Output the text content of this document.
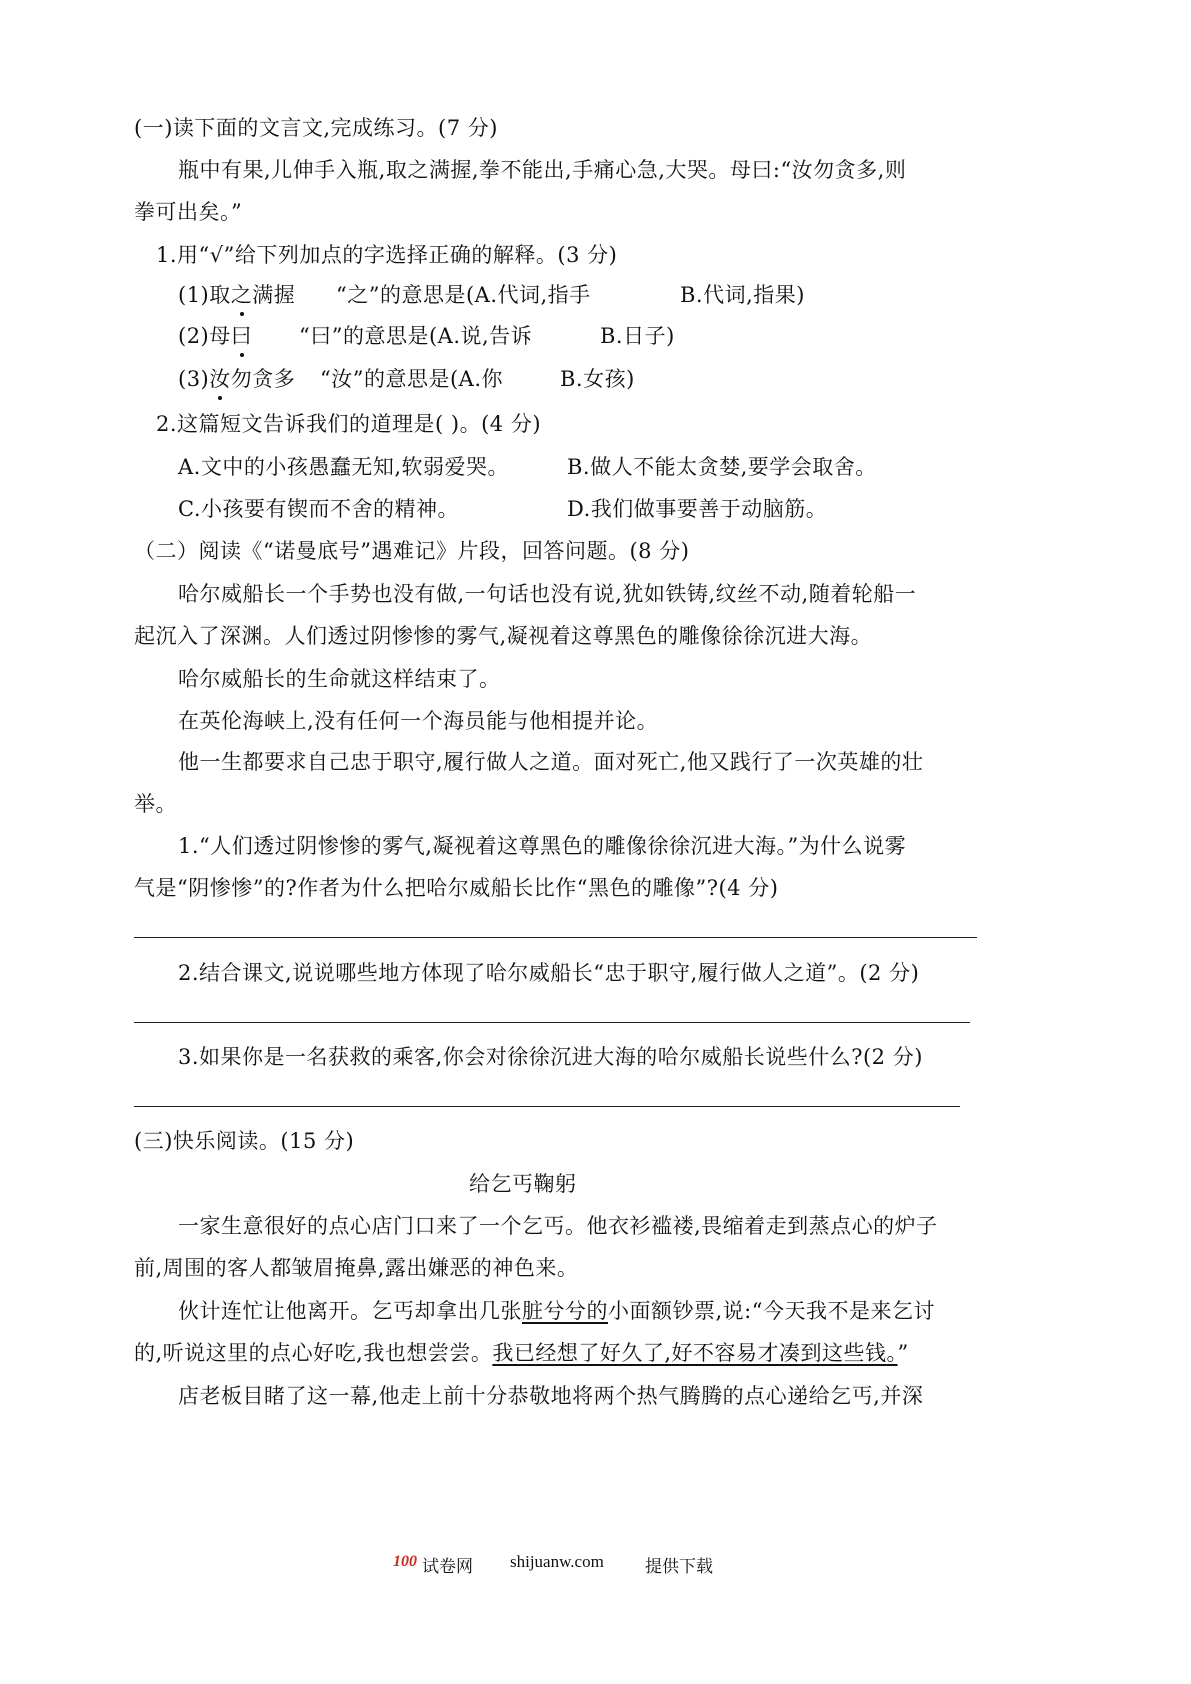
(一)读下面的文言文,完成练习。(7 分)
瓶中有果,儿伸手入瓶,取之满握,拳不能出,手痛心急,大哭。母曰:“汝勿贪多,则
拳可出矣。”
1.用“√”给下列加点的字选择正确的解释。(3 分)
(1)取之满握 “之”的意思是(A.代词,指手	B.代词,指果)
(2)母曰 “曰”的意思是(A.说,告诉	B.日子)
(3)汝勿贪多 “汝”的意思是(A.你	B.女孩)
2.这篇短文告诉我们的道理是( )。(4 分)
A.文中的小孩愚蠢无知,软弱爱哭。	B.做人不能太贪婪,要学会取舍。
C.小孩要有锲而不舍的精神。	D.我们做事要善于动脑筋。
（二）阅读《“诺曼底号”遇难记》片段，回答问题。(8 分)
哈尔威船长一个手势也没有做,一句话也没有说,犹如铁铸,纹丝不动,随着轮船一
起沉入了深渊。人们透过阴惨惨的雾气,凝视着这尊黑色的雕像徐徐沉进大海。
哈尔威船长的生命就这样结束了。
在英伦海峡上,没有任何一个海员能与他相提并论。
他一生都要求自己忠于职守,履行做人之道。面对死亡,他又践行了一次英雄的壮
举。
1.“人们透过阴惨惨的雾气,凝视着这尊黑色的雕像徐徐沉进大海。”为什么说雾
气是“阴惨惨”的?作者为什么把哈尔威船长比作“黑色的雕像”?(4 分)
2.结合课文,说说哪些地方体现了哈尔威船长“忠于职守,履行做人之道”。(2 分)
3.如果你是一名获救的乘客,你会对徐徐沉进大海的哈尔威船长说些什么?(2 分)
(三)快乐阅读。(15 分)
给乞丐鞠躬
一家生意很好的点心店门口来了一个乞丐。他衣衫褴褛,畏缩着走到蒸点心的炉子
前,周围的客人都皱眉掩鼻,露出嫌恶的神色来。
伙计连忙让他离开。乞丐却拿出几张脏兮兮的小面额钞票,说:“今天我不是来乞讨
的,听说这里的点心好吃,我也想尝尝。我已经想了好久了,好不容易才凑到这些钱。”
店老板目睹了这一幕,他走上前十分恭敬地将两个热气腾腾的点心递给乞丐,并深
100 试卷网 shijuanw.com 提供下载
